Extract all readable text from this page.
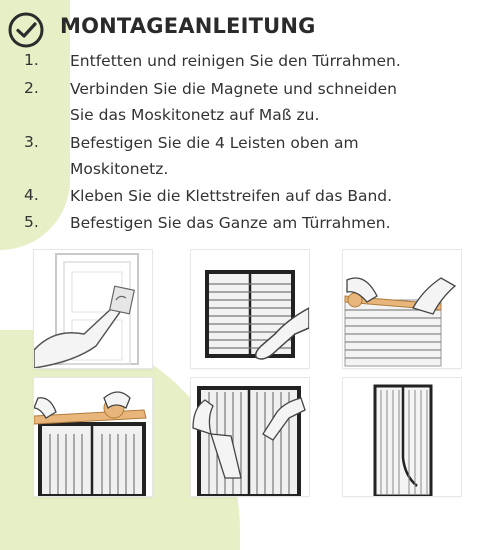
MONTAGEANLEITUNG
1. Entfetten und reinigen Sie den Türrahmen.
2. Verbinden Sie die Magnete und schneiden
Sie das Moskitonetz auf Maß zu.
3. Befestigen Sie die 4 Leisten oben am
Moskitonetz.
4. Kleben Sie die Klettstreifen auf das Band.
5. Befestigen Sie das Ganze am Türrahmen.
